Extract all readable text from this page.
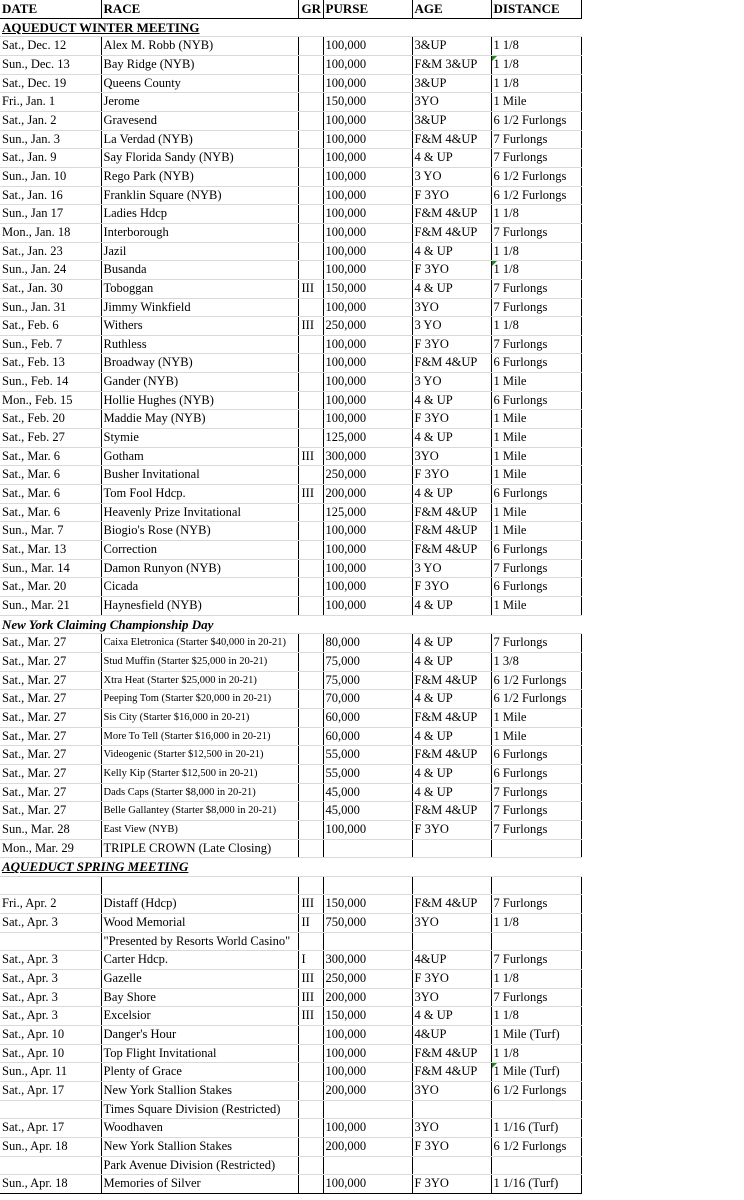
DATE	RACE	GR	PURSE	AGE	DISTANCE
AQUEDUCT WINTER MEETING					
Sat., Dec. 12	Alex M. Robb (NYB)		100,000	3&UP	1 1/8
Sun., Dec. 13	Bay Ridge (NYB)		100,000	F&M 3&UP	1 1/8
Sat., Dec. 19	Queens County		100,000	3&UP	1 1/8
Fri., Jan. 1	Jerome		150,000	3YO	1 Mile
Sat., Jan. 2	Gravesend		100,000	3&UP	6 1/2 Furlongs
Sun., Jan. 3	La Verdad (NYB)		100,000	F&M 4&UP	7 Furlongs
Sat., Jan. 9	Say Florida Sandy (NYB)		100,000	4 & UP	7 Furlongs
Sun., Jan. 10	Rego Park (NYB)		100,000	3 YO	6 1/2 Furlongs
Sat., Jan. 16	Franklin Square (NYB)		100,000	F 3YO	6 1/2 Furlongs
Sun., Jan 17	Ladies Hdcp		100,000	F&M 4&UP	1 1/8
Mon., Jan. 18	Interborough		100,000	F&M 4&UP	7 Furlongs
Sat., Jan. 23	Jazil		100,000	4 & UP	1 1/8
Sun., Jan. 24	Busanda		100,000	F 3YO	1 1/8
Sat., Jan. 30	Toboggan	III	150,000	4 & UP	7 Furlongs
Sun., Jan. 31	Jimmy Winkfield		100,000	3YO	7 Furlongs
Sat., Feb. 6	Withers	III	250,000	3 YO	1 1/8
Sun., Feb. 7	Ruthless		100,000	F 3YO	7 Furlongs
Sat., Feb. 13	Broadway (NYB)		100,000	F&M 4&UP	6 Furlongs
Sun., Feb. 14	Gander (NYB)		100,000	3 YO	1 Mile
Mon., Feb. 15	Hollie Hughes (NYB)		100,000	4 & UP	6 Furlongs
Sat., Feb. 20	Maddie May (NYB)		100,000	F 3YO	1 Mile
Sat., Feb. 27	Stymie		125,000	4 & UP	1 Mile
Sat., Mar. 6	Gotham	III	300,000	3YO	1 Mile
Sat., Mar. 6	Busher Invitational		250,000	F 3YO	1 Mile
Sat., Mar. 6	Tom Fool Hdcp.	III	200,000	4 & UP	6 Furlongs
Sat., Mar. 6	Heavenly Prize Invitational		125,000	F&M 4&UP	1 Mile
Sun., Mar. 7	Biogio's Rose (NYB)		100,000	F&M 4&UP	1 Mile
Sat., Mar. 13	Correction		100,000	F&M 4&UP	6 Furlongs
Sun., Mar. 14	Damon Runyon (NYB)		100,000	3 YO	7 Furlongs
Sat., Mar. 20	Cicada		100,000	F 3YO	6 Furlongs
Sun., Mar. 21	Haynesfield (NYB)		100,000	4 & UP	1 Mile
New York Claiming Championship Day					
Sat., Mar. 27	Caixa Eletronica (Starter $40,000 in 20-21)		80,000	4 & UP	7 Furlongs
Sat., Mar. 27	Stud Muffin (Starter $25,000 in 20-21)		75,000	4 & UP	1 3/8
Sat., Mar. 27	Xtra Heat (Starter $25,000 in 20-21)		75,000	F&M 4&UP	6 1/2 Furlongs
Sat., Mar. 27	Peeping Tom (Starter $20,000 in 20-21)		70,000	4 & UP	6 1/2 Furlongs
Sat., Mar. 27	Sis City (Starter $16,000 in 20-21)		60,000	F&M 4&UP	1 Mile
Sat., Mar. 27	More To Tell (Starter $16,000 in 20-21)		60,000	4 & UP	1 Mile
Sat., Mar. 27	Videogenic (Starter $12,500 in 20-21)		55,000	F&M 4&UP	6 Furlongs
Sat., Mar. 27	Kelly Kip (Starter $12,500 in 20-21)		55,000	4 & UP	6 Furlongs
Sat., Mar. 27	Dads Caps (Starter $8,000 in 20-21)		45,000	4 & UP	7 Furlongs
Sat., Mar. 27	Belle Gallantey (Starter $8,000 in 20-21)		45,000	F&M 4&UP	7 Furlongs
Sun., Mar. 28	East View (NYB)		100,000	F 3YO	7 Furlongs
Mon., Mar. 29	TRIPLE CROWN (Late Closing)				
AQUEDUCT SPRING MEETING					

Fri., Apr. 2	Distaff (Hdcp)	III	150,000	F&M 4&UP	7 Furlongs
Sat., Apr. 3	Wood Memorial	II	750,000	3YO	1 1/8
	"Presented by Resorts World Casino"				
Sat., Apr. 3	Carter Hdcp.	I	300,000	4&UP	7 Furlongs
Sat., Apr. 3	Gazelle	III	250,000	F 3YO	1 1/8
Sat., Apr. 3	Bay Shore	III	200,000	3YO	7 Furlongs
Sat., Apr. 3	Excelsior	III	150,000	4 & UP	1 1/8
Sat., Apr. 10	Danger's Hour		100,000	4&UP	1 Mile (Turf)
Sat., Apr. 10	Top Flight Invitational		100,000	F&M 4&UP	1 1/8
Sun., Apr. 11	Plenty of Grace		100,000	F&M 4&UP	1 Mile (Turf)
Sat., Apr. 17	New York Stallion Stakes		200,000	3YO	6 1/2 Furlongs
	Times Square Division (Restricted)				
Sat., Apr. 17	Woodhaven		100,000	3YO	1 1/16 (Turf)
Sun., Apr. 18	New York Stallion Stakes		200,000	F 3YO	6 1/2 Furlongs
	Park Avenue Division (Restricted)				
Sun., Apr. 18	Memories of Silver		100,000	F 3YO	1 1/16 (Turf)
